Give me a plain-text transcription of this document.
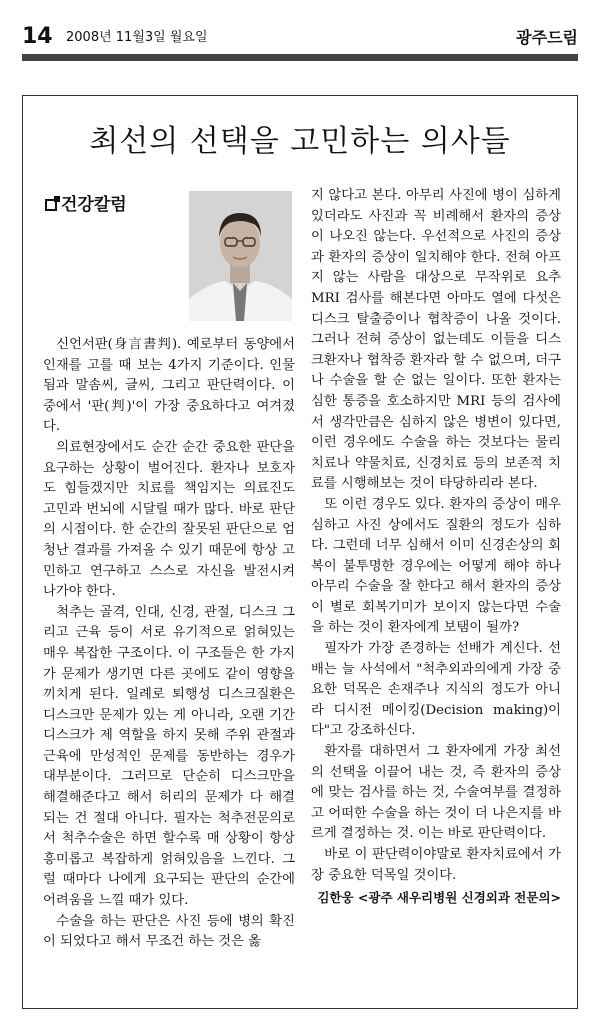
14 2008년 11월3일 월요일	광주드림
최선의 선택을 고민하는 의사들
건강칼럼

신언서판(身言書判). 예로부터 동양에서 인재를 고를 때 보는 4가지 기준이다. 인물됨과 말솜씨, 글씨, 그리고 판단력이다. 이 중에서 '판(判)'이 가장 중요하다고 여겨졌다.

의료현장에서도 순간 순간 중요한 판단을 요구하는 상황이 벌어진다. 환자나 보호자도 힘들겠지만 치료를 책임지는 의료진도 고민과 번뇌에 시달릴 때가 많다. 바로 판단의 시점이다. 한 순간의 잘못된 판단으로 엄청난 결과를 가져올 수 있기 때문에 항상 고민하고 연구하고 스스로 자신을 발전시켜 나가야 한다.

척추는 골격, 인대, 신경, 관절, 디스크 그리고 근육 등이 서로 유기적으로 얽혀있는 매우 복잡한 구조이다. 이 구조들은 한 가지가 문제가 생기면 다른 곳에도 같이 영향을 끼치게 된다. 일례로 퇴행성 디스크질환은 디스크만 문제가 있는 게 아니라, 오랜 기간 디스크가 제 역할을 하지 못해 주위 관절과 근육에 만성적인 문제를 동반하는 경우가 대부분이다. 그러므로 단순히 디스크만을 해결해준다고 해서 허리의 문제가 다 해결되는 건 절대 아니다. 필자는 척추전문의로서 척추수술은 하면 할수록 매 상황이 항상 흥미롭고 복잡하게 얽혀있음을 느낀다. 그럴 때마다 나에게 요구되는 판단의 순간에 어려움을 느낄 때가 있다.

수술을 하는 판단은 사진 등에 병의 확진이 되었다고 해서 무조건 하는 것은 옳

지 않다고 본다. 아무리 사진에 병이 심하게 있더라도 사진과 꼭 비례해서 환자의 증상이 나오진 않는다. 우선적으로 사진의 증상과 환자의 증상이 일치해야 한다. 전혀 아프지 않는 사람을 대상으로 무작위로 요추 MRI 검사를 해본다면 아마도 열에 다섯은 디스크 탈출증이나 협착증이 나올 것이다. 그러나 전혀 증상이 없는데도 이들을 디스크환자나 협착증 환자라 할 수 없으며, 더구나 수술을 할 순 없는 일이다. 또한 환자는 심한 통증을 호소하지만 MRI 등의 검사에서 생각만큼은 심하지 않은 병변이 있다면, 이런 경우에도 수술을 하는 것보다는 물리치료나 약물치료, 신경치료 등의 보존적 치료를 시행해보는 것이 타당하리라 본다.

또 이런 경우도 있다. 환자의 증상이 매우 심하고 사진 상에서도 질환의 정도가 심하다. 그런데 너무 심해서 이미 신경손상의 회복이 불투명한 경우에는 어떻게 해야 하나 아무리 수술을 잘 한다고 해서 환자의 증상이 별로 회복기미가 보이지 않는다면 수술을 하는 것이 환자에게 보탬이 될까?

필자가 가장 존경하는 선배가 계신다. 선배는 늘 사석에서 "척추외과의에게 가장 중요한 덕목은 손재주나 지식의 정도가 아니라 디시전 메이킹(Decision making)이다"고 강조하신다.

환자를 대하면서 그 환자에게 가장 최선의 선택을 이끌어 내는 것, 즉 환자의 증상에 맞는 검사를 하는 것, 수술여부를 결정하고 어떠한 수술을 하는 것이 더 나은지를 바르게 결정하는 것. 이는 바로 판단력이다.

바로 이 판단력이야말로 환자치료에서 가장 중요한 덕목일 것이다.

김한웅 <광주 새우리병원 신경외과 전문의>
